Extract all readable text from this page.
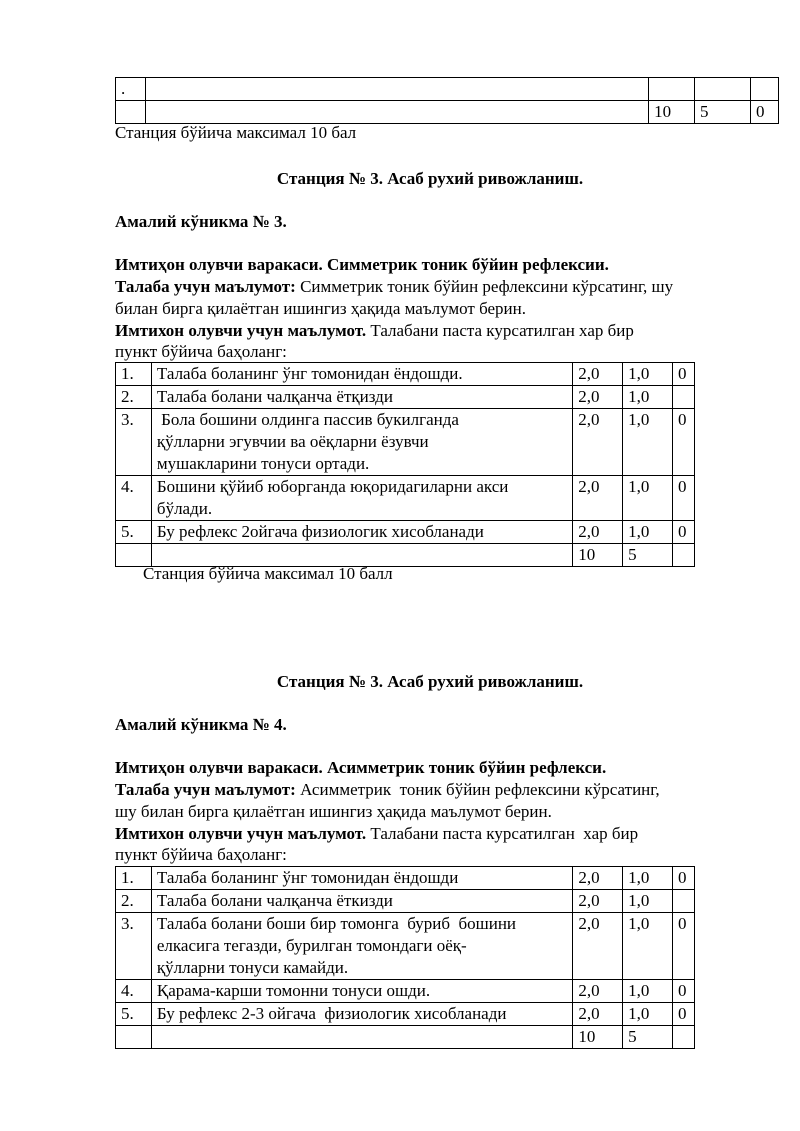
.				
		10	5	0
Станция бўйича максимал 10 бал
Станция № 3. Асаб рухий ривожланиш.
Амалий кўникма № 3.
Имтиҳон олувчи варакаси. Симметрик тоник бўйин рефлексии.
Талаба учун маълумот: Симметрик тоник бўйин рефлексини кўрсатинг, шу
билан бирга қилаётган ишингиз ҳақида маълумот берин.
Имтихон олувчи учун маълумот. Талабани паста курсатилган хар бир
пункт бўйича баҳоланг:
1.	Талаба боланинг ўнг томонидан ёндошди.	2,0	1,0	0
2.	Талаба болани чалқанча ётқизди	2,0	1,0	
3.	Бола бошини олдинга пассив букилганда
қўлларни эгувчии ва оёқларни ёзувчи
мушакларини тонуси ортади.	2,0	1,0	0
4.	Бошини қўйиб юборганда юқоридагиларни акси
бўлади.	2,0	1,0	0
5.	Бу рефлекс 2ойгача физиологик хисобланади	2,0	1,0	0
		10	5	
Станция бўйича максимал 10 балл
Станция № 3. Асаб рухий ривожланиш.
Амалий кўникма № 4.
Имтиҳон олувчи варакаси. Асимметрик тоник бўйин рефлекси.
Талаба учун маълумот: Асимметрик  тоник бўйин рефлексини кўрсатинг,
шу билан бирга қилаётган ишингиз ҳақида маълумот берин.
Имтихон олувчи учун маълумот. Талабани паста курсатилган  хар бир
пункт бўйича баҳоланг:
1.	Талаба боланинг ўнг томонидан ёндошди	2,0	1,0	0
2.	Талаба болани чалқанча ёткизди	2,0	1,0	
3.	Талаба болани боши бир томонга  буриб  бошини
елкасига тегазди, бурилган томондаги оёқ-
қўлларни тонуси камайди.	2,0	1,0	0
4.	Қарама-карши томонни тонуси ошди.	2,0	1,0	0
5.	Бу рефлекс 2-3 ойгача  физиологик хисобланади	2,0	1,0	0
		10	5	
